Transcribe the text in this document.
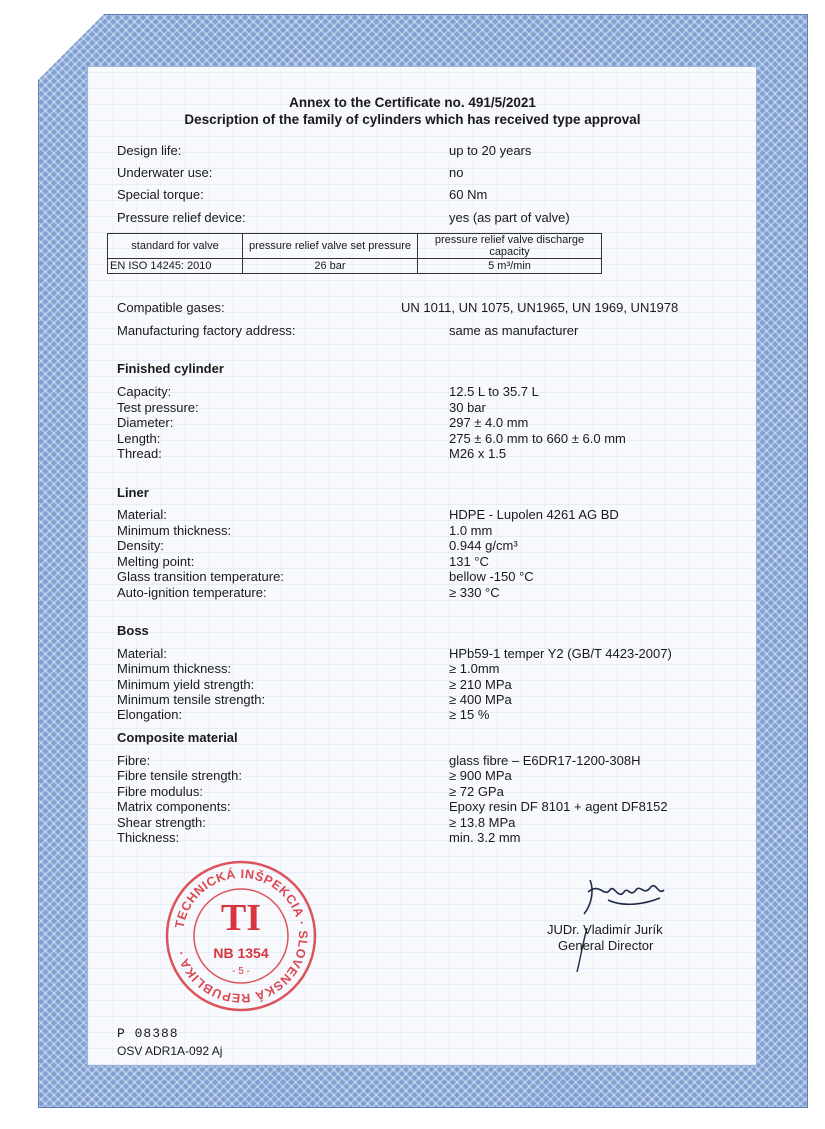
Annex to the Certificate no. 491/5/2021
Description of the family of cylinders which has received type approval
Design life:	up to 20 years
Underwater use:	no
Special torque:	60 Nm
Pressure relief device:	yes (as part of valve)
standard for valve	pressure relief valve set pressure	pressure relief valve discharge capacity
EN ISO 14245: 2010	26 bar	5 m³/min
Compatible gases:	UN 1011, UN 1075, UN1965, UN 1969, UN1978
Manufacturing factory address:	same as manufacturer
Finished cylinder
Capacity:	12.5 L to 35.7 L
Test pressure:	30 bar
Diameter:	297 ± 4.0 mm
Length:	275 ± 6.0 mm to 660 ± 6.0 mm
Thread:	M26 x 1.5
Liner
Material:	HDPE - Lupolen 4261 AG BD
Minimum thickness:	1.0 mm
Density:	0.944 g/cm³
Melting point:	131 °C
Glass transition temperature:	bellow -150 °C
Auto-ignition temperature:	≥ 330 °C
Boss
Material:	HPb59-1 temper Y2 (GB/T 4423-2007)
Minimum thickness:	≥ 1.0mm
Minimum yield strength:	≥ 210 MPa
Minimum tensile strength:	≥ 400 MPa
Elongation:	≥ 15 %
Composite material
Fibre:	glass fibre – E6DR17-1200-308H
Fibre tensile strength:	≥ 900 MPa
Fibre modulus:	≥ 72 GPa
Matrix components:	Epoxy resin DF 8101 + agent DF8152
Shear strength:	≥ 13.8 MPa
Thickness:	min. 3.2 mm
TECHNICKÁ INŠPEKCIA · SLOVENSKÁ REPUBLIKA ·
TI
NB 1354
- 5 -
JUDr. Vladimír Jurík
General Director
P 08388
OSV ADR1A-092 Aj
